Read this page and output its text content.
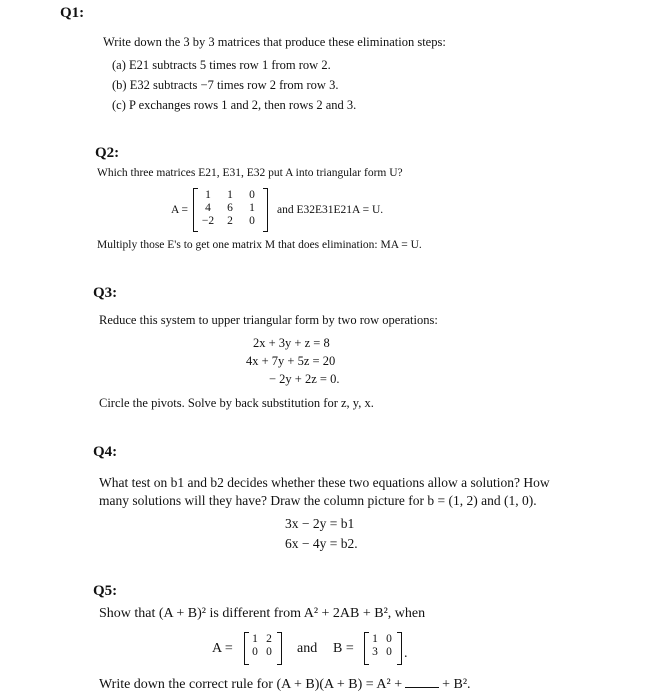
Q1:
Write down the 3 by 3 matrices that produce these elimination steps:
(a) E21 subtracts 5 times row 1 from row 2.
(b) E32 subtracts −7 times row 2 from row 3.
(c) P exchanges rows 1 and 2, then rows 2 and 3.
Q2:
Which three matrices E21, E31, E32 put A into triangular form U?
A =
1	1	0
4	6	1
−2	2	0
and E32E31E21A = U.
Multiply those E's to get one matrix M that does elimination: MA = U.
Q3:
Reduce this system to upper triangular form by two row operations:
2x + 3y + z = 8
4x + 7y + 5z = 20
− 2y + 2z = 0.
Circle the pivots. Solve by back substitution for z, y, x.
Q4:
What test on b1 and b2 decides whether these two equations allow a solution? How
many solutions will they have? Draw the column picture for b = (1, 2) and (1, 0).
3x − 2y = b1
6x − 4y = b2.
Q5:
Show that (A + B)² is different from A² + 2AB + B², when
A =
1 2
0 0 and B =
1 0
3 0 .
Write down the correct rule for (A + B)(A + B) = A² +	+ B².
